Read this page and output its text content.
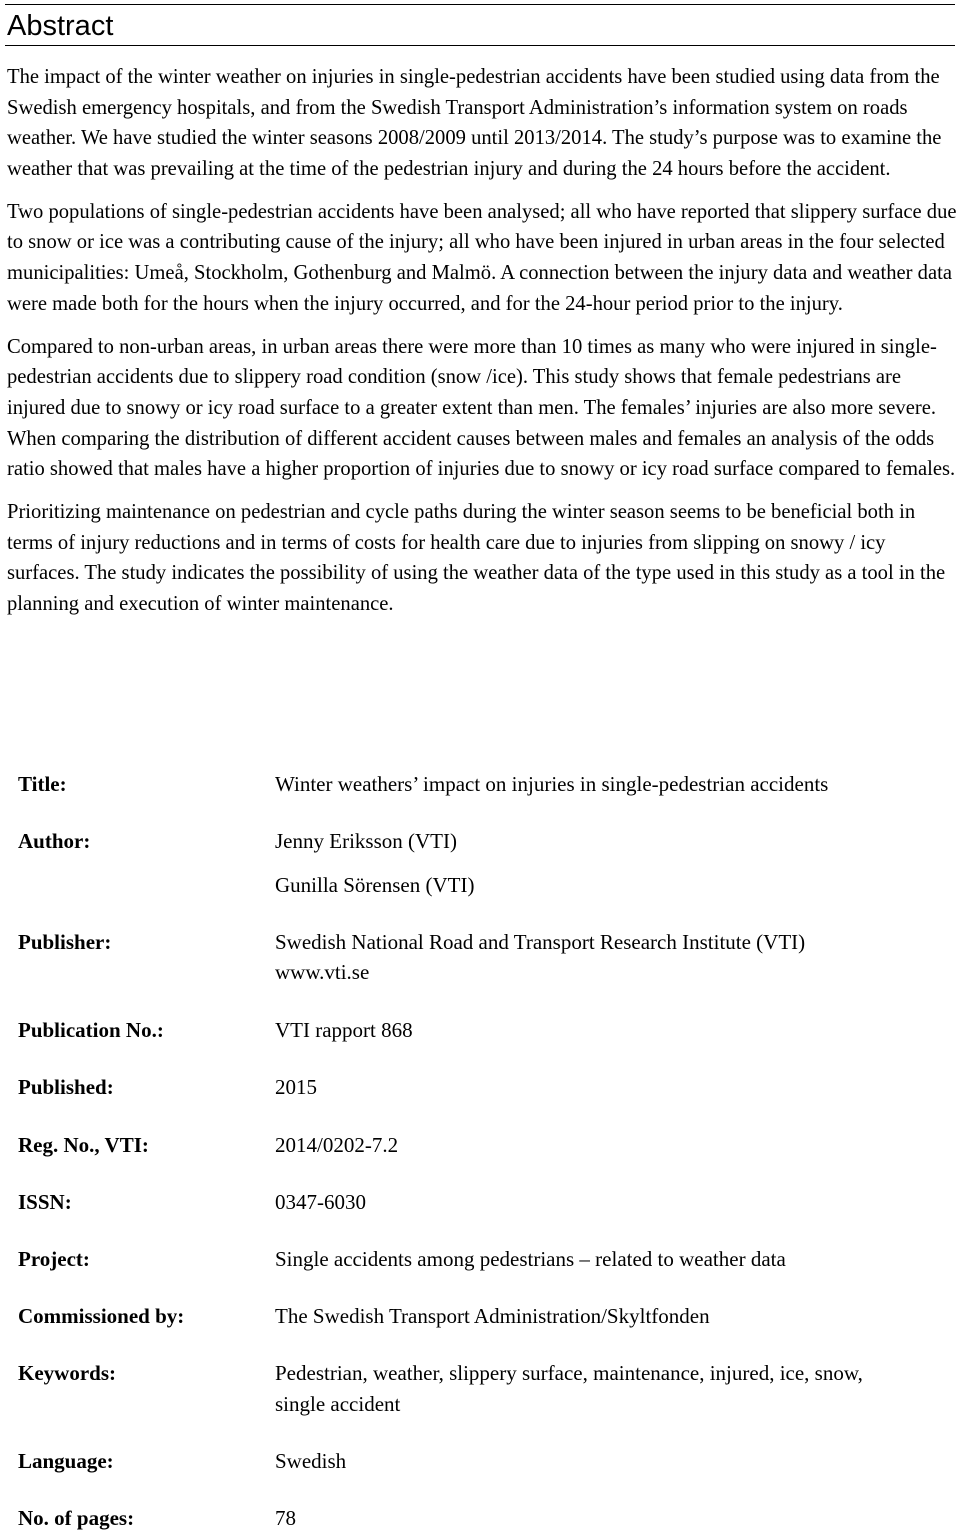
Abstract

The impact of the winter weather on injuries in single-pedestrian accidents have been studied using data from the Swedish emergency hospitals, and from the Swedish Transport Administration’s information system on roads weather. We have studied the winter seasons 2008/2009 until 2013/2014. The study’s purpose was to examine the weather that was prevailing at the time of the pedestrian injury and during the 24 hours before the accident.

Two populations of single-pedestrian accidents have been analysed; all who have reported that slippery surface due to snow or ice was a contributing cause of the injury; all who have been injured in urban areas in the four selected municipalities: Umeå, Stockholm, Gothenburg and Malmö. A connection between the injury data and weather data were made both for the hours when the injury occurred, and for the 24-hour period prior to the injury.

Compared to non-urban areas, in urban areas there were more than 10 times as many who were injured in single-pedestrian accidents due to slippery road condition (snow /ice). This study shows that female pedestrians are injured due to snowy or icy road surface to a greater extent than men. The females’ injuries are also more severe. When comparing the distribution of different accident causes between males and females an analysis of the odds ratio showed that males have a higher proportion of injuries due to snowy or icy road surface compared to females.

Prioritizing maintenance on pedestrian and cycle paths during the winter season seems to be beneficial both in terms of injury reductions and in terms of costs for health care due to injuries from slipping on snowy / icy surfaces. The study indicates the possibility of using the weather data of the type used in this study as a tool in the planning and execution of winter maintenance.

Title:	Winter weathers’ impact on injuries in single-pedestrian accidents
Author:	Jenny Eriksson (VTI)
Gunilla Sörensen (VTI)
Publisher:	Swedish National Road and Transport Research Institute (VTI)
www.vti.se
Publication No.:	VTI rapport 868
Published:	2015
Reg. No., VTI:	2014/0202-7.2
ISSN:	0347-6030
Project:	Single accidents among pedestrians – related to weather data
Commissioned by:	The Swedish Transport Administration/Skyltfonden
Keywords:	Pedestrian, weather, slippery surface, maintenance, injured, ice, snow, single accident
Language:	Swedish
No. of pages:	78
